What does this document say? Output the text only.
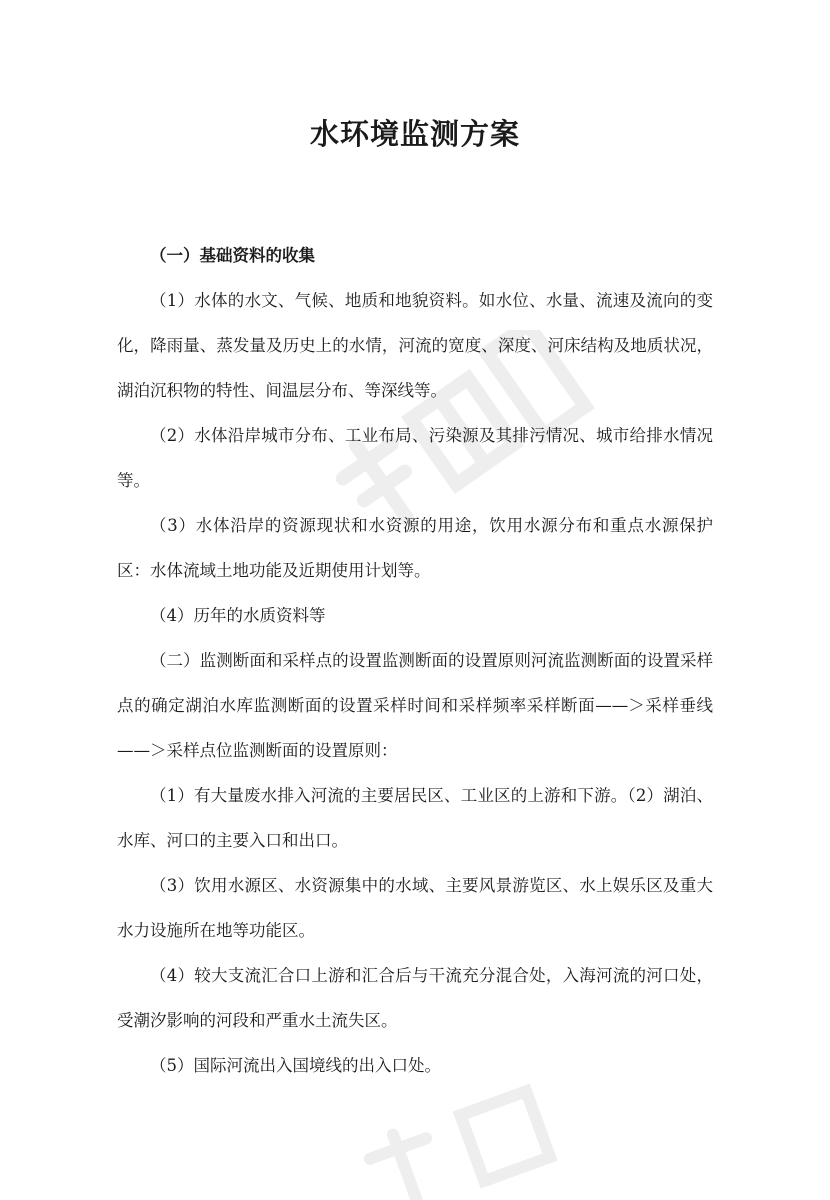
水环境监测方案

（一）基础资料的收集

（1）水体的水文、气候、地质和地貌资料。如水位、水量、流速及流向的变化，降雨量、蒸发量及历史上的水情，河流的宽度、深度、河床结构及地质状况，湖泊沉积物的特性、间温层分布、等深线等。

（2）水体沿岸城市分布、工业布局、污染源及其排污情况、城市给排水情况等。

（3）水体沿岸的资源现状和水资源的用途，饮用水源分布和重点水源保护区：水体流域土地功能及近期使用计划等。

（4）历年的水质资料等

（二）监测断面和采样点的设置监测断面的设置原则河流监测断面的设置采样点的确定湖泊水库监测断面的设置采样时间和采样频率采样断面——＞采样垂线——＞采样点位监测断面的设置原则：

（1）有大量废水排入河流的主要居民区、工业区的上游和下游。（2）湖泊、水库、河口的主要入口和出口。

（3）饮用水源区、水资源集中的水域、主要风景游览区、水上娱乐区及重大水力设施所在地等功能区。

（4）较大支流汇合口上游和汇合后与干流充分混合处，入海河流的河口处，受潮汐影响的河段和严重水土流失区。

（5）国际河流出入国境线的出入口处。
